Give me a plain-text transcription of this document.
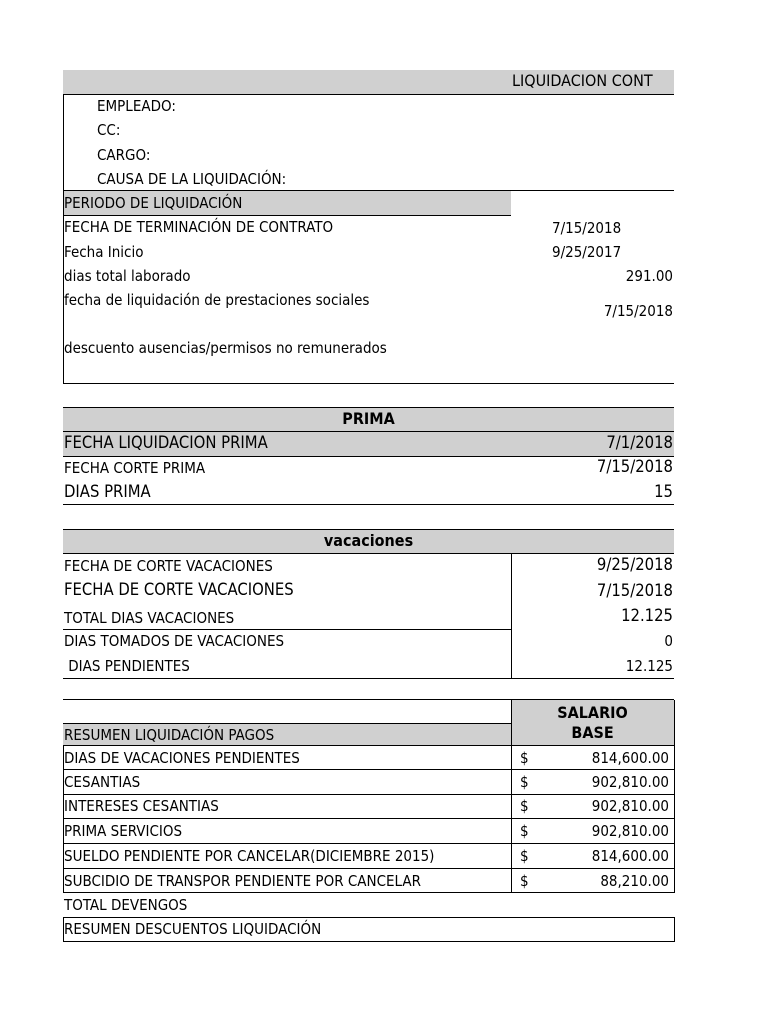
LIQUIDACION CONT
EMPLEADO:
CC:
CARGO:
CAUSA DE LA LIQUIDACIÓN:
PERIODO DE LIQUIDACIÓN
FECHA DE TERMINACIÓN DE CONTRATO	7/15/2018
Fecha Inicio	9/25/2017
dias total laborado	291.00
fecha de liquidación de prestaciones sociales
7/15/2018
descuento ausencias/permisos no remunerados
PRIMA
FECHA LIQUIDACION PRIMA	7/1/2018
FECHA CORTE PRIMA	7/15/2018
DIAS PRIMA	15
vacaciones
FECHA DE CORTE VACACIONES	9/25/2018
FECHA DE CORTE VACACIONES	7/15/2018
TOTAL DIAS VACACIONES	12.125
DIAS TOMADOS DE VACACIONES	0
DIAS PENDIENTES	12.125
RESUMEN LIQUIDACIÓN PAGOS
SALARIO
BASE
DIAS DE VACACIONES PENDIENTES	$	814,600.00
CESANTIAS	$	902,810.00
INTERESES CESANTIAS	$	902,810.00
PRIMA SERVICIOS	$	902,810.00
SUELDO PENDIENTE POR CANCELAR(DICIEMBRE 2015)	$	814,600.00
SUBCIDIO DE TRANSPOR PENDIENTE POR CANCELAR	$	88,210.00
TOTAL DEVENGOS
RESUMEN DESCUENTOS LIQUIDACIÓN
